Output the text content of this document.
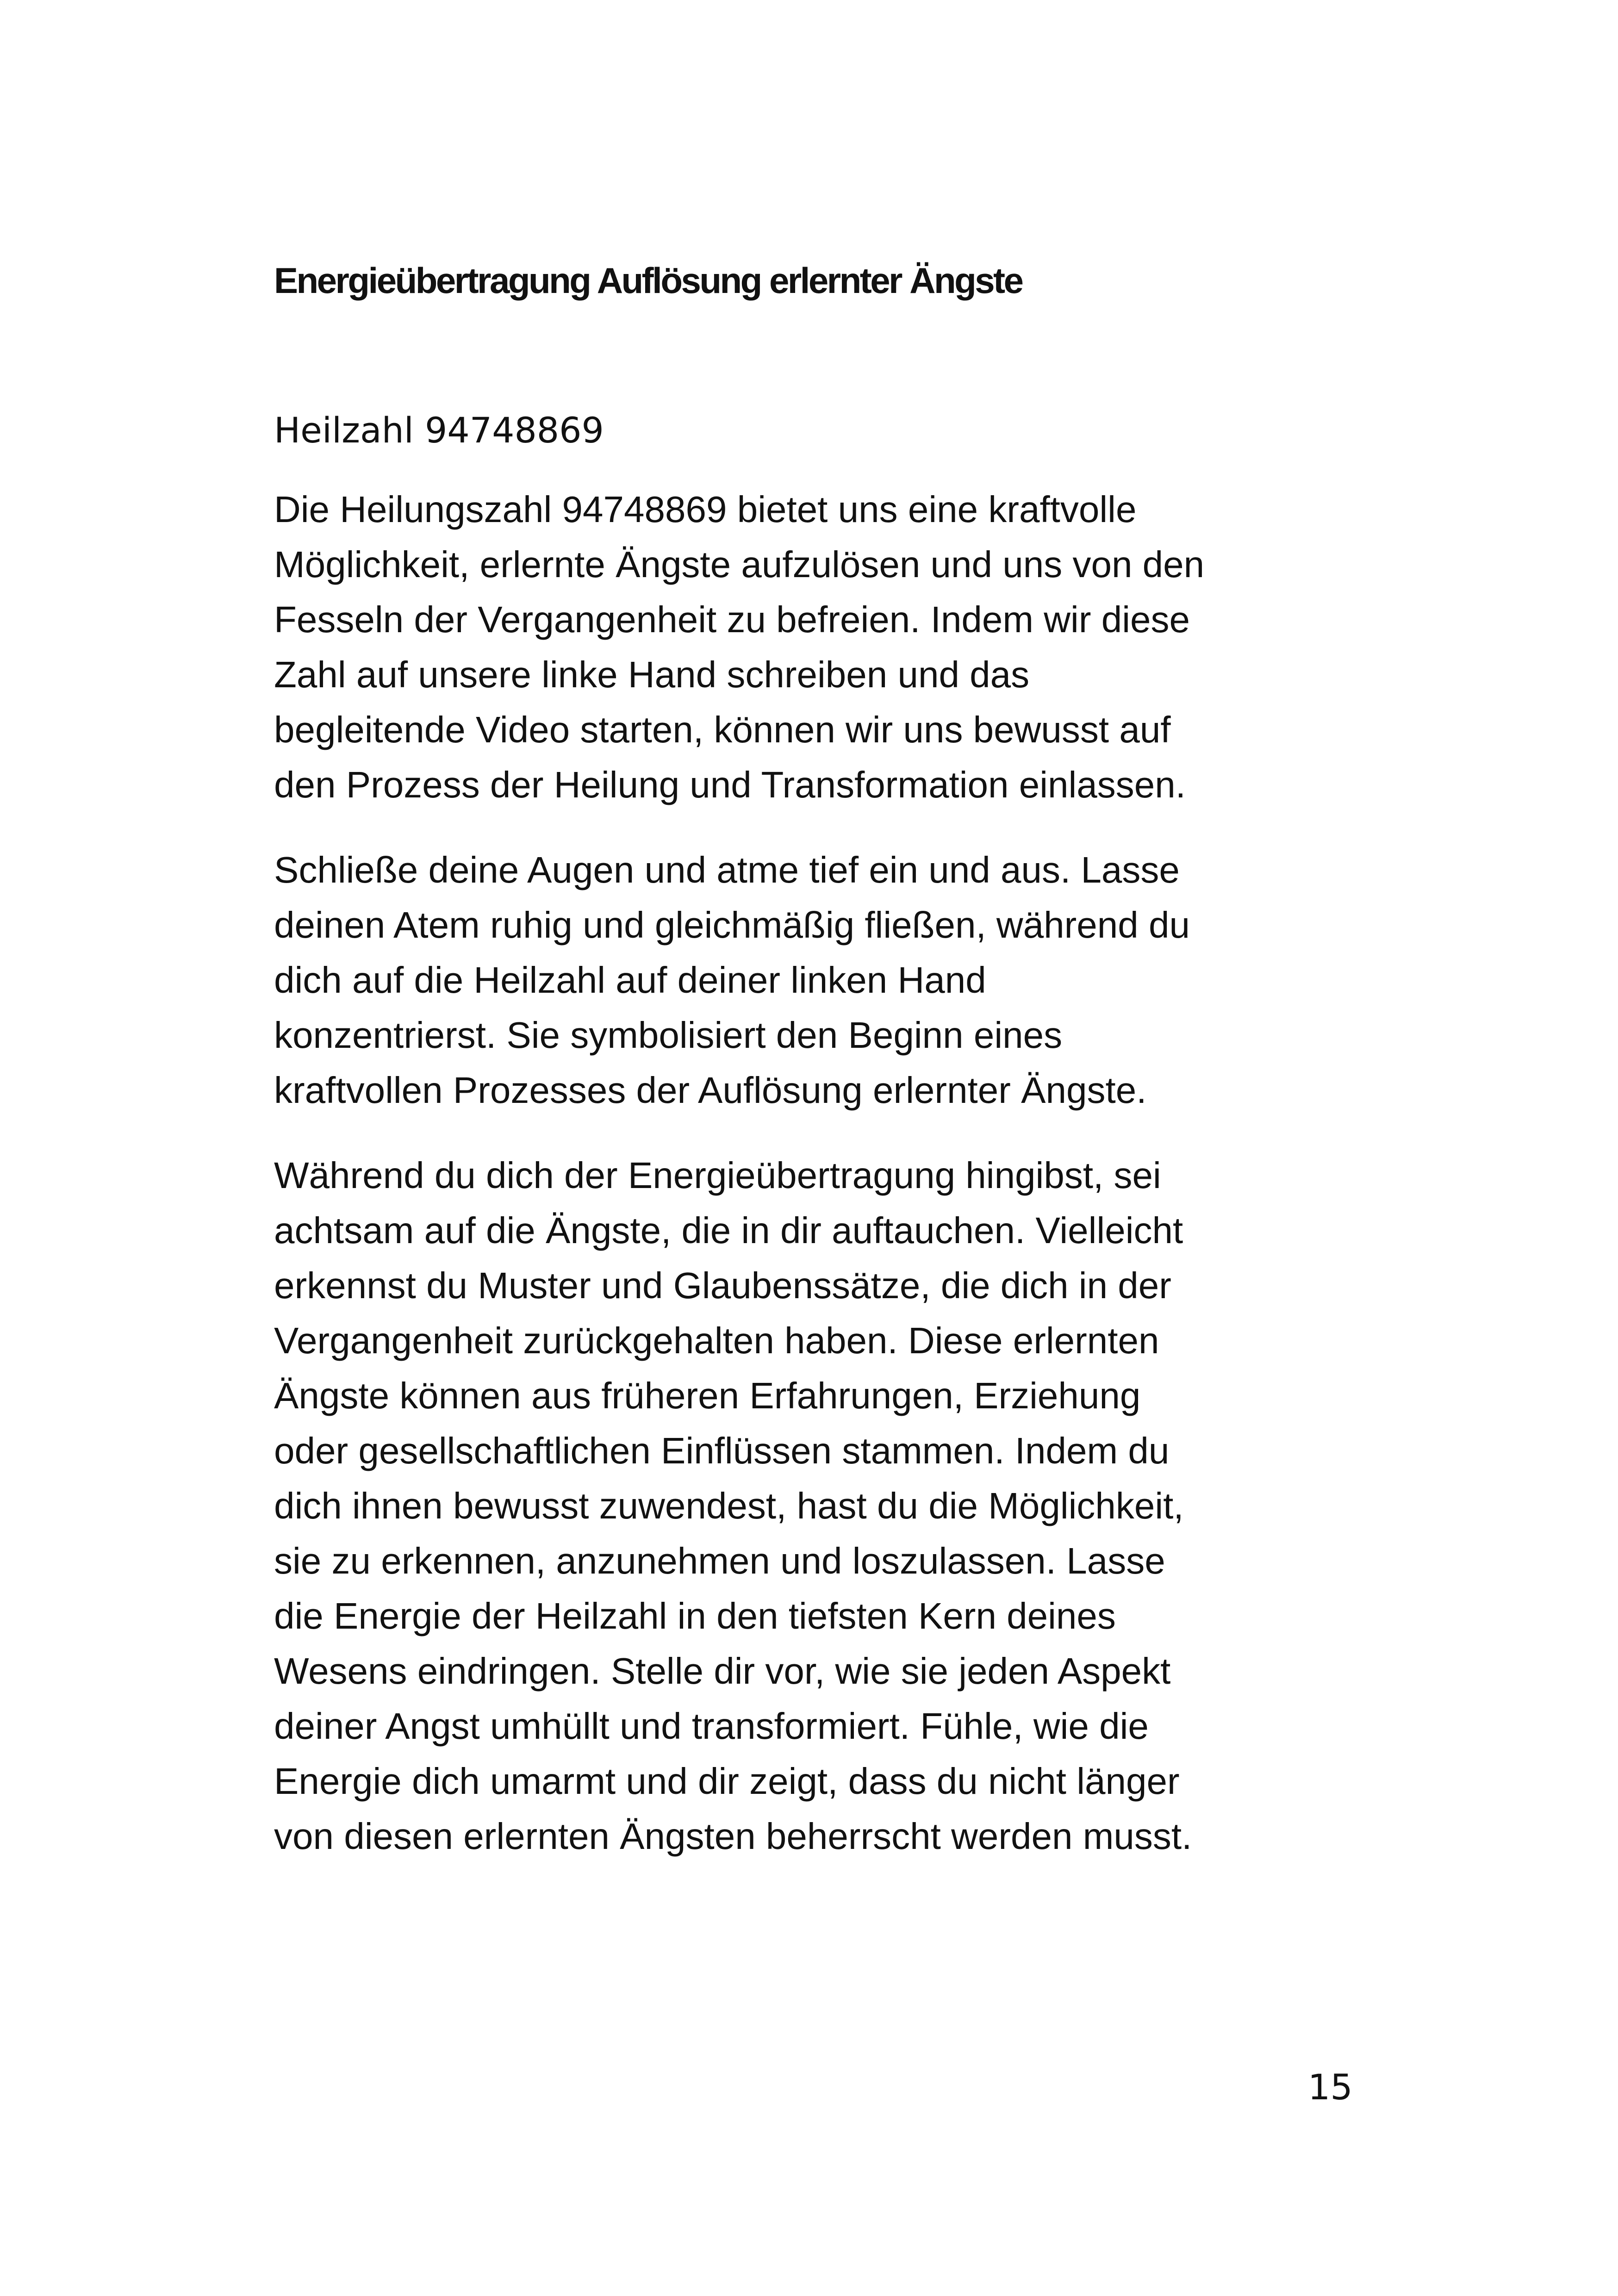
Energieübertragung Auflösung erlernter Ängste
Heilzahl 94748869

Die Heilungszahl 94748869 bietet uns eine kraftvolle
Möglichkeit, erlernte Ängste aufzulösen und uns von den
Fesseln der Vergangenheit zu befreien. Indem wir diese
Zahl auf unsere linke Hand schreiben und das
begleitende Video starten, können wir uns bewusst auf
den Prozess der Heilung und Transformation einlassen.

Schließe deine Augen und atme tief ein und aus. Lasse
deinen Atem ruhig und gleichmäßig fließen, während du
dich auf die Heilzahl auf deiner linken Hand
konzentrierst. Sie symbolisiert den Beginn eines
kraftvollen Prozesses der Auflösung erlernter Ängste.

Während du dich der Energieübertragung hingibst, sei
achtsam auf die Ängste, die in dir auftauchen. Vielleicht
erkennst du Muster und Glaubenssätze, die dich in der
Vergangenheit zurückgehalten haben. Diese erlernten
Ängste können aus früheren Erfahrungen, Erziehung
oder gesellschaftlichen Einflüssen stammen. Indem du
dich ihnen bewusst zuwendest, hast du die Möglichkeit,
sie zu erkennen, anzunehmen und loszulassen. Lasse
die Energie der Heilzahl in den tiefsten Kern deines
Wesens eindringen. Stelle dir vor, wie sie jeden Aspekt
deiner Angst umhüllt und transformiert. Fühle, wie die
Energie dich umarmt und dir zeigt, dass du nicht länger
von diesen erlernten Ängsten beherrscht werden musst.

15
